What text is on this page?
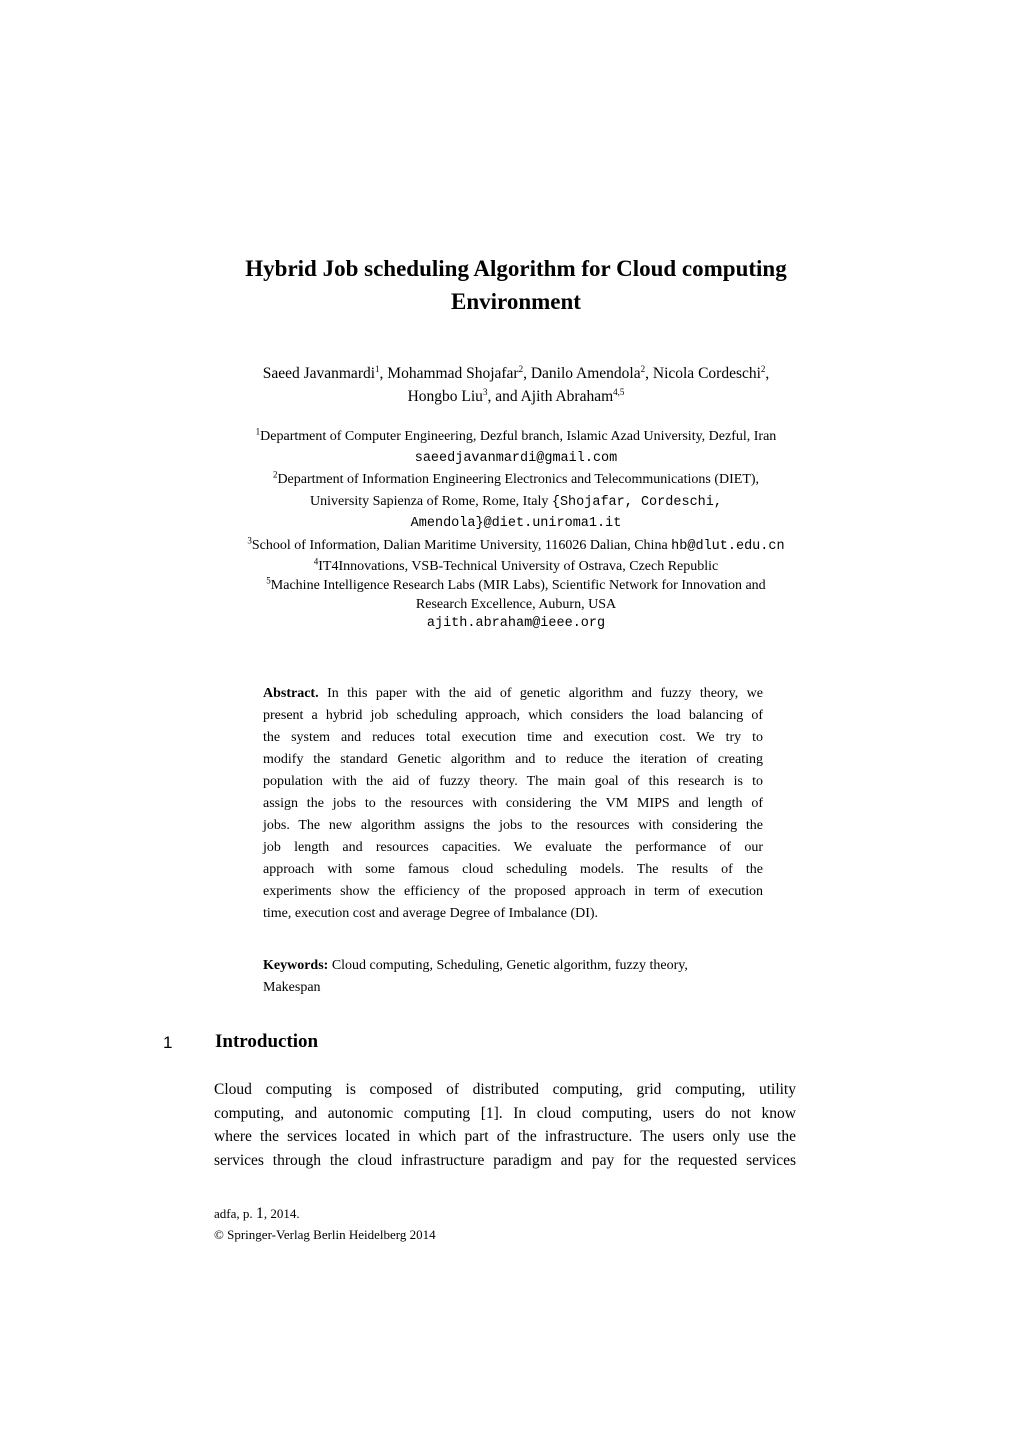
Hybrid Job scheduling Algorithm for Cloud computing
Environment
Saeed Javanmardi$^1$, Mohammad Shojafar$^2$, Danilo Amendola$^2$, Nicola Cordeschi$^2$,
Hongbo Liu$^3$, and Ajith Abraham$^{4,5}$
$^1$Department of Computer Engineering, Dezful branch, Islamic Azad University, Dezful, Iran
saeedjavanmardi@gmail.com
$^2$Department of Information Engineering Electronics and Telecommunications (DIET),
University Sapienza of Rome, Rome, Italy {Shojafar, Cordeschi,
Amendola}@diet.uniroma1.it
$^3$School of Information, Dalian Maritime University, 116026 Dalian, China hb@dlut.edu.cn
$^4$IT4Innovations, VSB-Technical University of Ostrava, Czech Republic
$^5$Machine Intelligence Research Labs (MIR Labs), Scientific Network for Innovation and
Research Excellence, Auburn, USA
ajith.abraham@ieee.org
Abstract. In this paper with the aid of genetic algorithm and fuzzy theory, we
present a hybrid job scheduling approach, which considers the load balancing of
the system and reduces total execution time and execution cost. We try to
modify the standard Genetic algorithm and to reduce the iteration of creating
population with the aid of fuzzy theory. The main goal of this research is to
assign the jobs to the resources with considering the VM MIPS and length of
jobs. The new algorithm assigns the jobs to the resources with considering the
job length and resources capacities. We evaluate the performance of our
approach with some famous cloud scheduling models. The results of the
experiments show the efficiency of the proposed approach in term of execution
time, execution cost and average Degree of Imbalance (DI).
Keywords: Cloud computing, Scheduling, Genetic algorithm, fuzzy theory,
Makespan
1 Introduction
Cloud computing is composed of distributed computing, grid computing, utility
computing, and autonomic computing [1]. In cloud computing, users do not know
where the services located in which part of the infrastructure. The users only use the
services through the cloud infrastructure paradigm and pay for the requested services
adfa, p. 1, 2014.
© Springer-Verlag Berlin Heidelberg 2014
